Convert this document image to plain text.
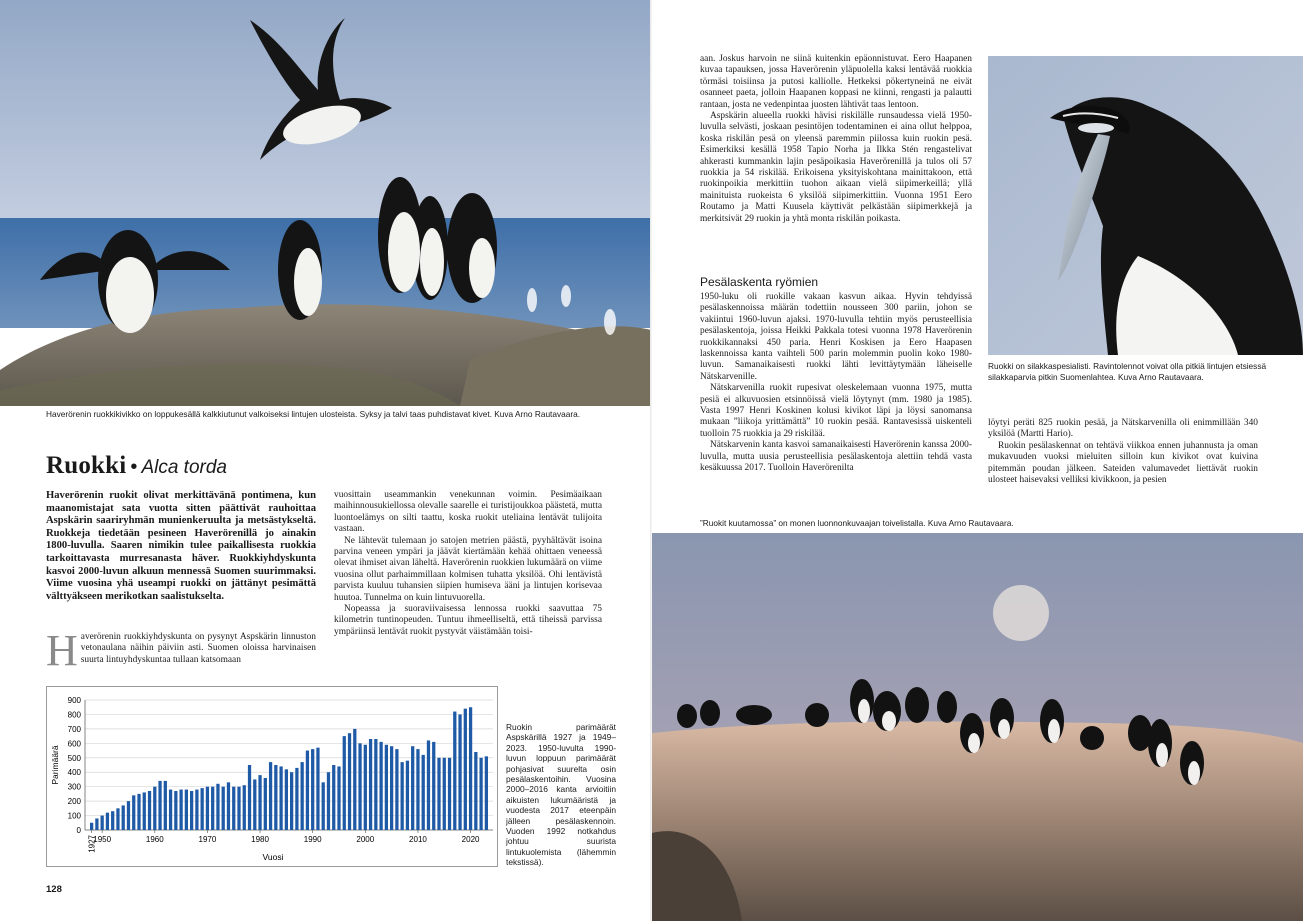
Haverörenin ruokkikivikko on loppukesällä kalkkiutunut valkoiseksi lintujen ulosteista. Syksy ja talvi taas puhdistavat kivet. Kuva Arno Rautavaara.
Ruokki • Alca torda
Haverörenin ruokit olivat merkittävänä pontimena, kun maanomistajat sata vuotta sitten päättivät rauhoittaa Aspskärin saariryhmän munienkeruulta ja metsästykseltä. Ruokkeja tiedetään pesineen Haverörenillä jo ainakin 1800-luvulla. Saaren nimikin tulee paikallisesta ruokkia tarkoittavasta murresanasta häver. Ruokkiyhdyskunta kasvoi 2000-luvun alkuun mennessä Suomen suurimmaksi. Viime vuosina yhä useampi ruokki on jättänyt pesimättä välttyäkseen merikotkan saalistukselta.
Haverörenin ruokkiyhdyskunta on pysynyt Aspskärin linnuston vetonaulana näihin päiviin asti. Suomen oloissa harvinaisen suurta lintuyhdyskuntaa tullaan katsomaan

vuosittain useammankin venekunnan voimin. Pesimäaikaan maihinnousukiellossa olevalle saarelle ei turistijoukkoa päästetä, mutta luontoelämys on silti taattu, koska ruokit uteliaina lentävät tulijoita vastaan.

Ne lähtevät tulemaan jo satojen metrien päästä, pyyhältävät isoina parvina veneen ympäri ja jäävät kiertämään kehää ohittaen veneessä olevat ihmiset aivan läheltä. Haverörenin ruokkien lukumäärä on viime vuosina ollut parhaimmillaan kolmisen tuhatta yksilöä. Ohi lentävistä parvista kuuluu tuhansien siipien humiseva ääni ja lintujen korisevaa huutoa. Tunnelma on kuin lintuvuorella.

Nopeassa ja suoraviivaisessa lennossa ruokki saavuttaa 75 kilometrin tuntinopeuden. Tuntuu ihmeelliseltä, että tiheissä parvissa ympäriinsä lentävät ruokit pystyvät väistämään toisi-

0
100
200
300
400
500
600
700
800
900
1927
1950	1960	1970	1980	1990	2000	2010	2020
Parimäärä
Vuosi
Ruokin parimäärät Aspskärillä 1927 ja 1949–2023. 1950-luvulta 1990-luvun loppuun parimäärät pohjasivat suurelta osin pesälaskentoihin. Vuosina 2000–2016 kanta arvioitiin aikuisten lukumääristä ja vuodesta 2017 eteenpäin jälleen pesälaskennoin. Vuoden 1992 notkahdus johtuu suurista lintukuolemista (lähemmin tekstissä).
128

aan. Joskus harvoin ne siinä kuitenkin epäonnistuvat. Eero Haapanen kuvaa tapauksen, jossa Haverörenin yläpuolella kaksi lentävää ruokkia törmäsi toisiinsa ja putosi kalliolle. Hetkeksi pökertyneinä ne eivät osanneet paeta, jolloin Haapanen koppasi ne kiinni, rengasti ja palautti rantaan, josta ne vedenpintaa juosten lähtivät taas lentoon.

Aspskärin alueella ruokki hävisi riskilälle runsaudessa vielä 1950-luvulla selvästi, joskaan pesintöjen todentaminen ei aina ollut helppoa, koska riskilän pesä on yleensä paremmin piilossa kuin ruokin pesä. Esimerkiksi kesällä 1958 Tapio Norha ja Ilkka Stén rengastelivat ahkerasti kummankin lajin pesäpoikasia Haverörenillä ja tulos oli 57 ruokkia ja 54 riskilää. Erikoisena yksityiskohtana mainittakoon, että ruokinpoikia merkittiin tuohon aikaan vielä siipimerkeillä; yllä mainituista ruokeista 6 yksilöä siipimerkittiin. Vuonna 1951 Eero Routamo ja Matti Kuusela käyttivät pelkästään siipimerkkejä ja merkitsivät 29 ruokin ja yhtä monta riskilän poikasta.

Ruokki on silakkaspesialisti. Ravintolennot voivat olla pitkiä lintujen etsiessä silakkaparvia pitkin Suomenlahtea. Kuva Arno Rautavaara.
Pesälaskenta ryömien

1950-luku oli ruokille vakaan kasvun aikaa. Hyvin tehdyissä pesälaskennoissa määrän todettiin nousseen 300 pariin, johon se vakiintui 1960-luvun ajaksi. 1970-luvulla tehtiin myös perusteellisia pesälaskentoja, joissa Heikki Pakkala totesi vuonna 1978 Haverörenin ruokkikannaksi 450 paria. Henri Koskisen ja Eero Haapasen laskennoissa kanta vaihteli 500 parin molemmin puolin koko 1980-luvun. Samanaikaisesti ruokki lähti levittäytymään läheiselle Nätskarvenille.

Nätskarvenilla ruokit rupesivat oleskelemaan vuonna 1975, mutta pesiä ei alkuvuosien etsinnöissä vielä löytynyt (mm. 1980 ja 1985). Vasta 1997 Henri Koskinen kolusi kivikot läpi ja löysi sanomansa mukaan ”liikoja yrittämättä” 10 ruokin pesää. Rantavesissä uiskenteli tuolloin 75 ruokkia ja 29 riskilää.

Nätskarvenin kanta kasvoi samanaikaisesti Haverörenin kanssa 2000-luvulla, mutta uusia perusteellisia pesälaskentoja alettiin tehdä vasta kesäkuussa 2017. Tuolloin Haverörenilta

löytyi peräti 825 ruokin pesää, ja Nätskarvenilla oli enimmillään 340 yksilöä (Martti Hario).

Ruokin pesälaskennat on tehtävä viikkoa ennen juhannusta ja oman mukavuuden vuoksi mieluiten silloin kun kivikot ovat kuivina pitemmän poudan jälkeen. Sateiden valumavedet liettävät ruokin ulosteet haisevaksi velliksi kivikkoon, ja pesien

”Ruokit kuutamossa” on monen luonnonkuvaajan toivelistalla. Kuva Arno Rautavaara.
